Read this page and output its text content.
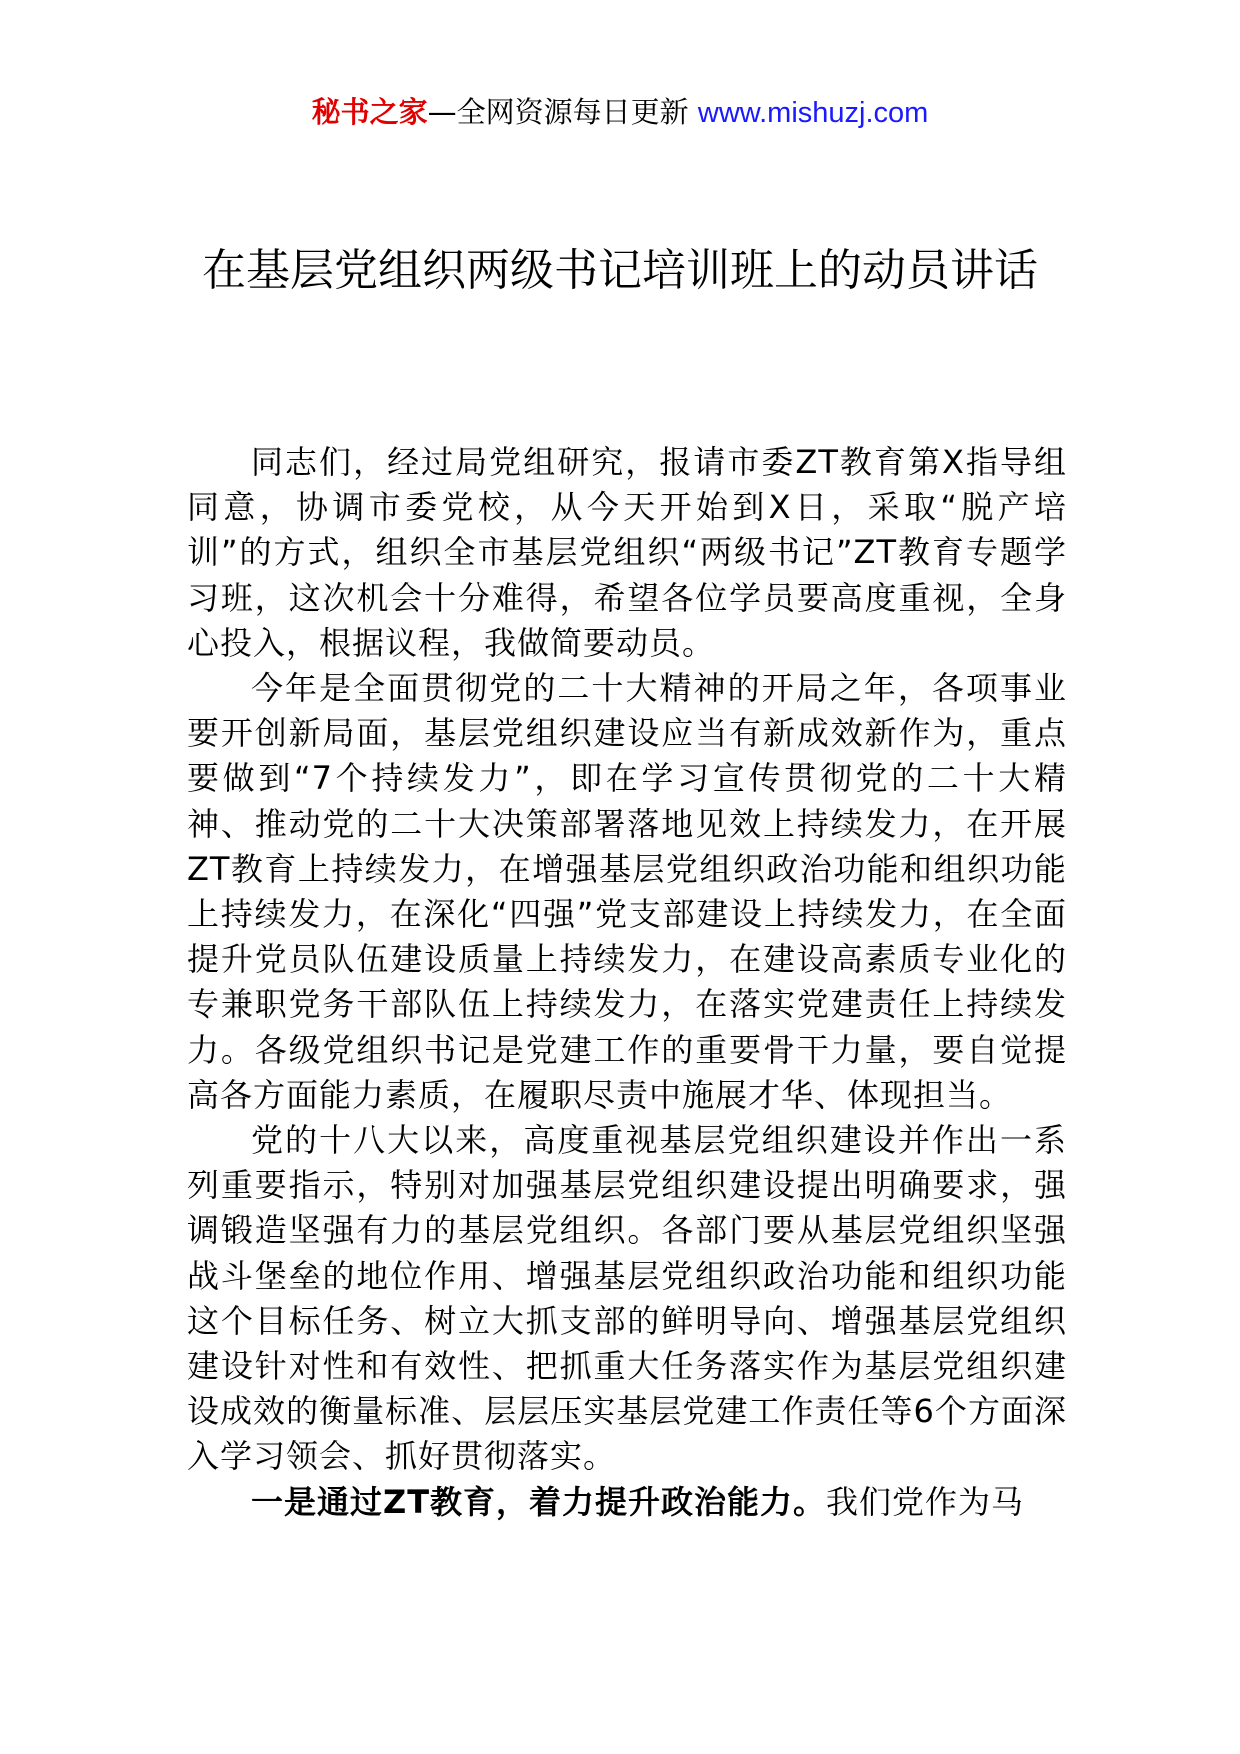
秘书之家—全网资源每日更新 www.mishuzj.com
在基层党组织两级书记培训班上的动员讲话

同志们，经过局党组研究，报请市委ZT教育第X指导组同意，协调市委党校，从今天开始到X日，采取“脱产培训”的方式，组织全市基层党组织“两级书记”ZT教育专题学习班，这次机会十分难得，希望各位学员要高度重视，全身心投入，根据议程，我做简要动员。

今年是全面贯彻党的二十大精神的开局之年，各项事业要开创新局面，基层党组织建设应当有新成效新作为，重点要做到“7个持续发力”，即在学习宣传贯彻党的二十大精神、推动党的二十大决策部署落地见效上持续发力，在开展ZT教育上持续发力，在增强基层党组织政治功能和组织功能上持续发力，在深化“四强”党支部建设上持续发力，在全面提升党员队伍建设质量上持续发力，在建设高素质专业化的专兼职党务干部队伍上持续发力，在落实党建责任上持续发力。各级党组织书记是党建工作的重要骨干力量，要自觉提高各方面能力素质，在履职尽责中施展才华、体现担当。

党的十八大以来，高度重视基层党组织建设并作出一系列重要指示，特别对加强基层党组织建设提出明确要求，强调锻造坚强有力的基层党组织。各部门要从基层党组织坚强战斗堡垒的地位作用、增强基层党组织政治功能和组织功能这个目标任务、树立大抓支部的鲜明导向、增强基层党组织建设针对性和有效性、把抓重大任务落实作为基层党组织建设成效的衡量标准、层层压实基层党建工作责任等6个方面深入学习领会、抓好贯彻落实。

一是通过ZT教育，着力提升政治能力。我们党作为马
